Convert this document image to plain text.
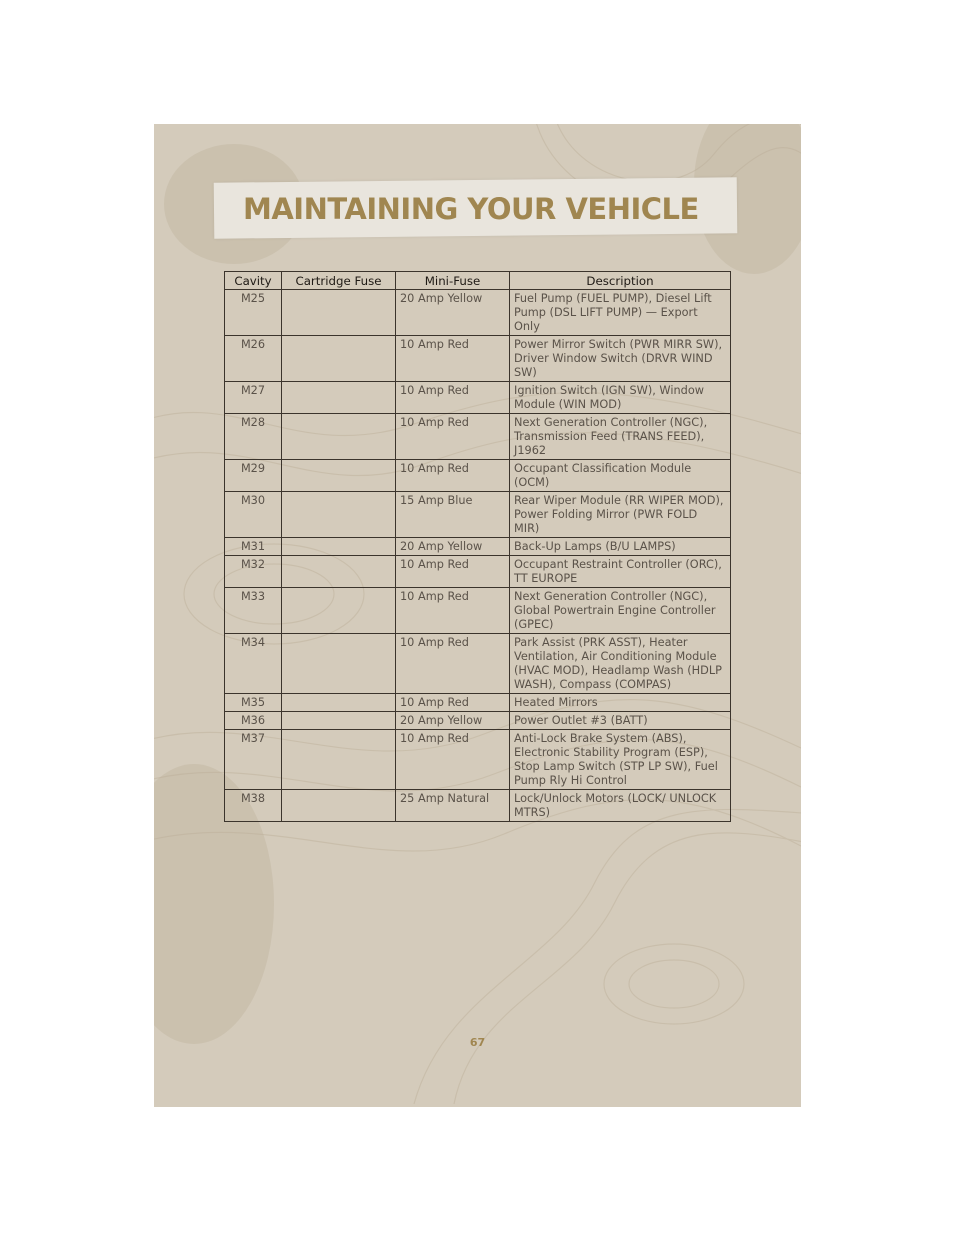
MAINTAINING YOUR VEHICLE
Cavity	Cartridge Fuse	Mini-Fuse	Description
M25		20 Amp Yellow	Fuel Pump (FUEL PUMP), Diesel Lift Pump (DSL LIFT PUMP) — Export Only
M26		10 Amp Red	Power Mirror Switch (PWR MIRR SW), Driver Window Switch (DRVR WIND SW)
M27		10 Amp Red	Ignition Switch (IGN SW), Window Module (WIN MOD)
M28		10 Amp Red	Next Generation Controller (NGC), Transmission Feed (TRANS FEED), J1962
M29		10 Amp Red	Occupant Classification Module (OCM)
M30		15 Amp Blue	Rear Wiper Module (RR WIPER MOD), Power Folding Mirror (PWR FOLD MIR)
M31		20 Amp Yellow	Back-Up Lamps (B/U LAMPS)
M32		10 Amp Red	Occupant Restraint Controller (ORC), TT EUROPE
M33		10 Amp Red	Next Generation Controller (NGC), Global Powertrain Engine Controller (GPEC)
M34		10 Amp Red	Park Assist (PRK ASST), Heater Ventilation, Air Conditioning Module (HVAC MOD), Headlamp Wash (HDLP WASH), Compass (COMPAS)
M35		10 Amp Red	Heated Mirrors
M36		20 Amp Yellow	Power Outlet #3 (BATT)
M37		10 Amp Red	Anti-Lock Brake System (ABS), Electronic Stability Program (ESP), Stop Lamp Switch (STP LP SW), Fuel Pump Rly Hi Control
M38		25 Amp Natural	Lock/Unlock Motors (LOCK/ UNLOCK MTRS)
67
